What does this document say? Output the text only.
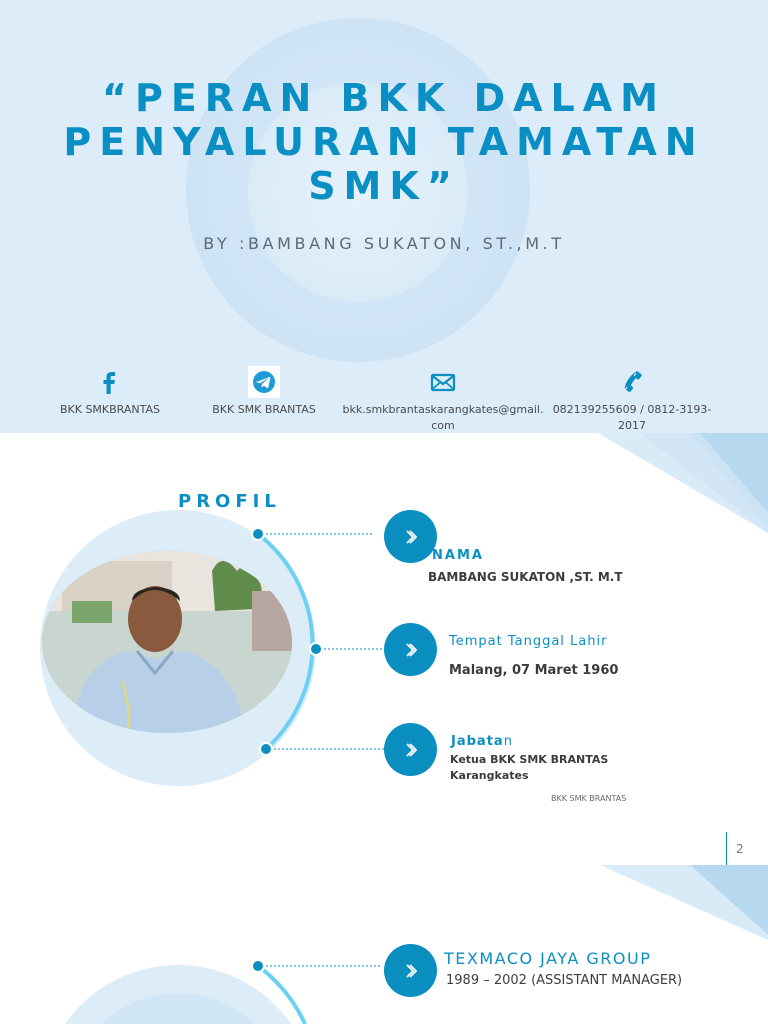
“PERAN BKK DALAM PENYALURAN TAMATAN SMK”
BY :BAMBANG SUKATON, ST.,M.T
BKK SMKBRANTAS	BKK SMK BRANTAS	bkk.smkbrantaskarangkates@gmail.com
082139255609 / 0812-3193-2017
PROFIL
NAMA
BAMBANG SUKATON ,ST. M.T
Tempat Tanggal Lahir
Malang, 07 Maret 1960
Jabatan
Ketua BKK SMK BRANTAS
Karangkates
BKK SMK BRANTAS
2
TEXMACO JAYA GROUP
1989 – 2002 (ASSISTANT MANAGER)
